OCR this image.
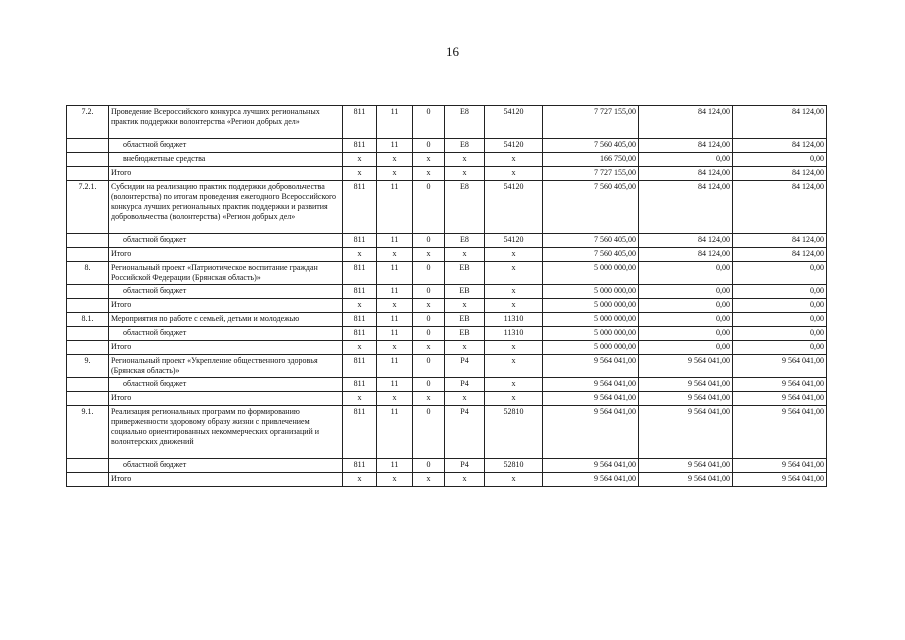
16
7.2.	Проведение Всероссийского конкурса лучших региональных практик поддержки волонтерства «Регион добрых дел»	811	11	0	E8	54120	7 727 155,00	84 124,00	84 124,00
	областной бюджет	811	11	0	E8	54120	7 560 405,00	84 124,00	84 124,00
	внебюджетные средства	x	x	x	x	x	166 750,00	0,00	0,00
	Итого	x	x	x	x	x	7 727 155,00	84 124,00	84 124,00
7.2.1.	Субсидии на реализацию практик поддержки добровольчества (волонтерства) по итогам проведения ежегодного Всероссийского конкурса лучших региональных практик поддержки и развития добровольчества (волонтерства) «Регион добрых дел»	811	11	0	E8	54120	7 560 405,00	84 124,00	84 124,00
	областной бюджет	811	11	0	E8	54120	7 560 405,00	84 124,00	84 124,00
	Итого	x	x	x	x	x	7 560 405,00	84 124,00	84 124,00
8.	Региональный проект «Патриотическое воспитание граждан Российской Федерации (Брянская область)»	811	11	0	EB	x	5 000 000,00	0,00	0,00
	областной бюджет	811	11	0	EB	x	5 000 000,00	0,00	0,00
	Итого	x	x	x	x	x	5 000 000,00	0,00	0,00
8.1.	Мероприятия по работе с семьей, детьми и молодежью	811	11	0	EB	11310	5 000 000,00	0,00	0,00
	областной бюджет	811	11	0	EB	11310	5 000 000,00	0,00	0,00
	Итого	x	x	x	x	x	5 000 000,00	0,00	0,00
9.	Региональный проект «Укрепление общественного здоровья (Брянская область)»	811	11	0	P4	x	9 564 041,00	9 564 041,00	9 564 041,00
	областной бюджет	811	11	0	P4	x	9 564 041,00	9 564 041,00	9 564 041,00
	Итого	x	x	x	x	x	9 564 041,00	9 564 041,00	9 564 041,00
9.1.	Реализация региональных программ по формированию приверженности здоровому образу жизни с привлечением социально ориентированных некоммерческих организаций и волонтерских движений	811	11	0	P4	52810	9 564 041,00	9 564 041,00	9 564 041,00
	областной бюджет	811	11	0	P4	52810	9 564 041,00	9 564 041,00	9 564 041,00
	Итого	x	x	x	x	x	9 564 041,00	9 564 041,00	9 564 041,00
